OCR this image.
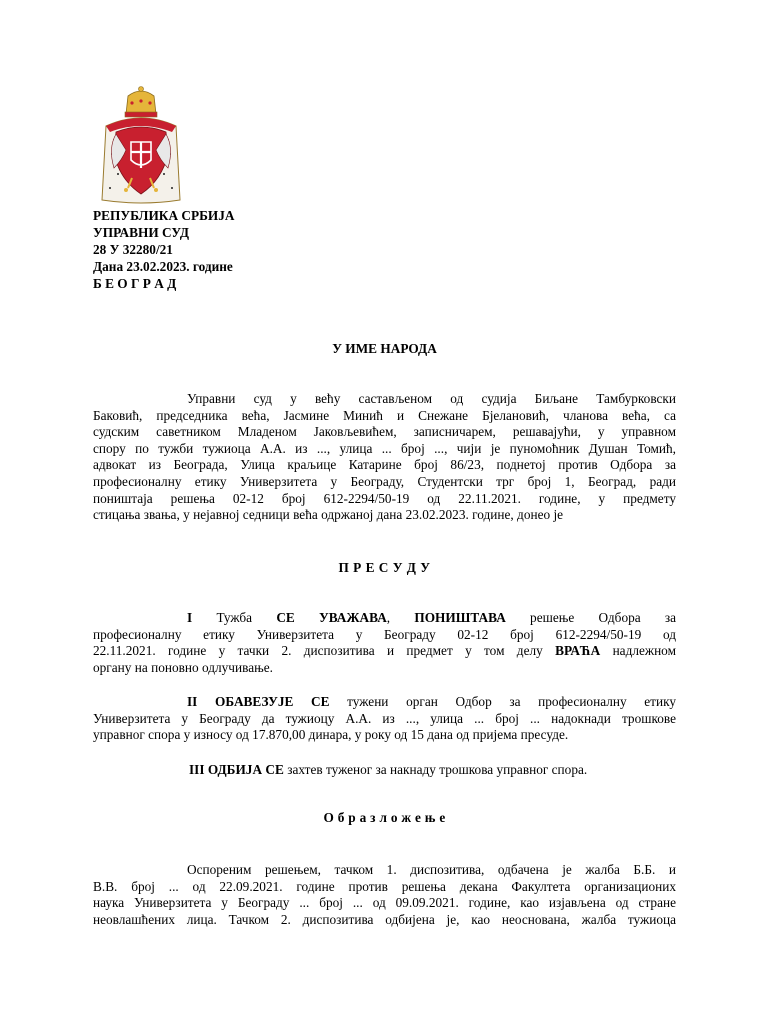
РЕПУБЛИКА СРБИЈА
УПРАВНИ СУД
28 У 32280/21
Дана 23.02.2023. године
Б Е О Г Р А Д
У ИМЕ НАРОДА
Управни суд у већу састављеном од судија Биљане Тамбурковски
Баковић, председника већа, Јасмине Минић и Снежане Бјелановић, чланова већа, са
судским саветником Младеном Јаковљевићем, записничарем, решавајући, у управном
спору по тужби тужиоца А.А. из ..., улица ... број ..., чији је пуномоћник Душан Томић,
адвокат из Београда, Улица краљице Катарине број 86/23, поднетој против Одбора за
професионалну етику Универзитета у Београду, Студентски трг број 1, Београд, ради
поништаја решења 02-12 број 612-2294/50-19 од 22.11.2021. године, у предмету
стицања звања, у нејавној седници већа одржаној дана 23.02.2023. године, донео је
П Р Е С У Д У
I Тужба СЕ УВАЖАВА, ПОНИШТАВА решење Одбора за
професионалну етику Универзитета у Београду 02-12 број 612-2294/50-19 од
22.11.2021. године у тачки 2. диспозитива и предмет у том делу ВРАЋА надлежном
органу на поновно одлучивање.
II ОБАВЕЗУЈЕ СЕ тужени орган Одбор за професионалну етику
Универзитета у Београду да тужиоцу А.А. из ..., улица ... број ... надокнади трошкове
управног спора у износу од 17.870,00 динара, у року од 15 дана од пријема пресуде.
III ОДБИЈА СЕ захтев туженог за накнаду трошкова управног спора.
О б р а з л о ж е њ е
Оспореним решењем, тачком 1. диспозитива, одбачена је жалба Б.Б. и
В.В. број ... од 22.09.2021. године против решења декана Факултета организационих
наука Универзитета у Београду ... број ... од 09.09.2021. године, као изјављена од стране
неовлашћених лица. Тачком 2. диспозитива одбијена је, као неоснована, жалба тужиоца
